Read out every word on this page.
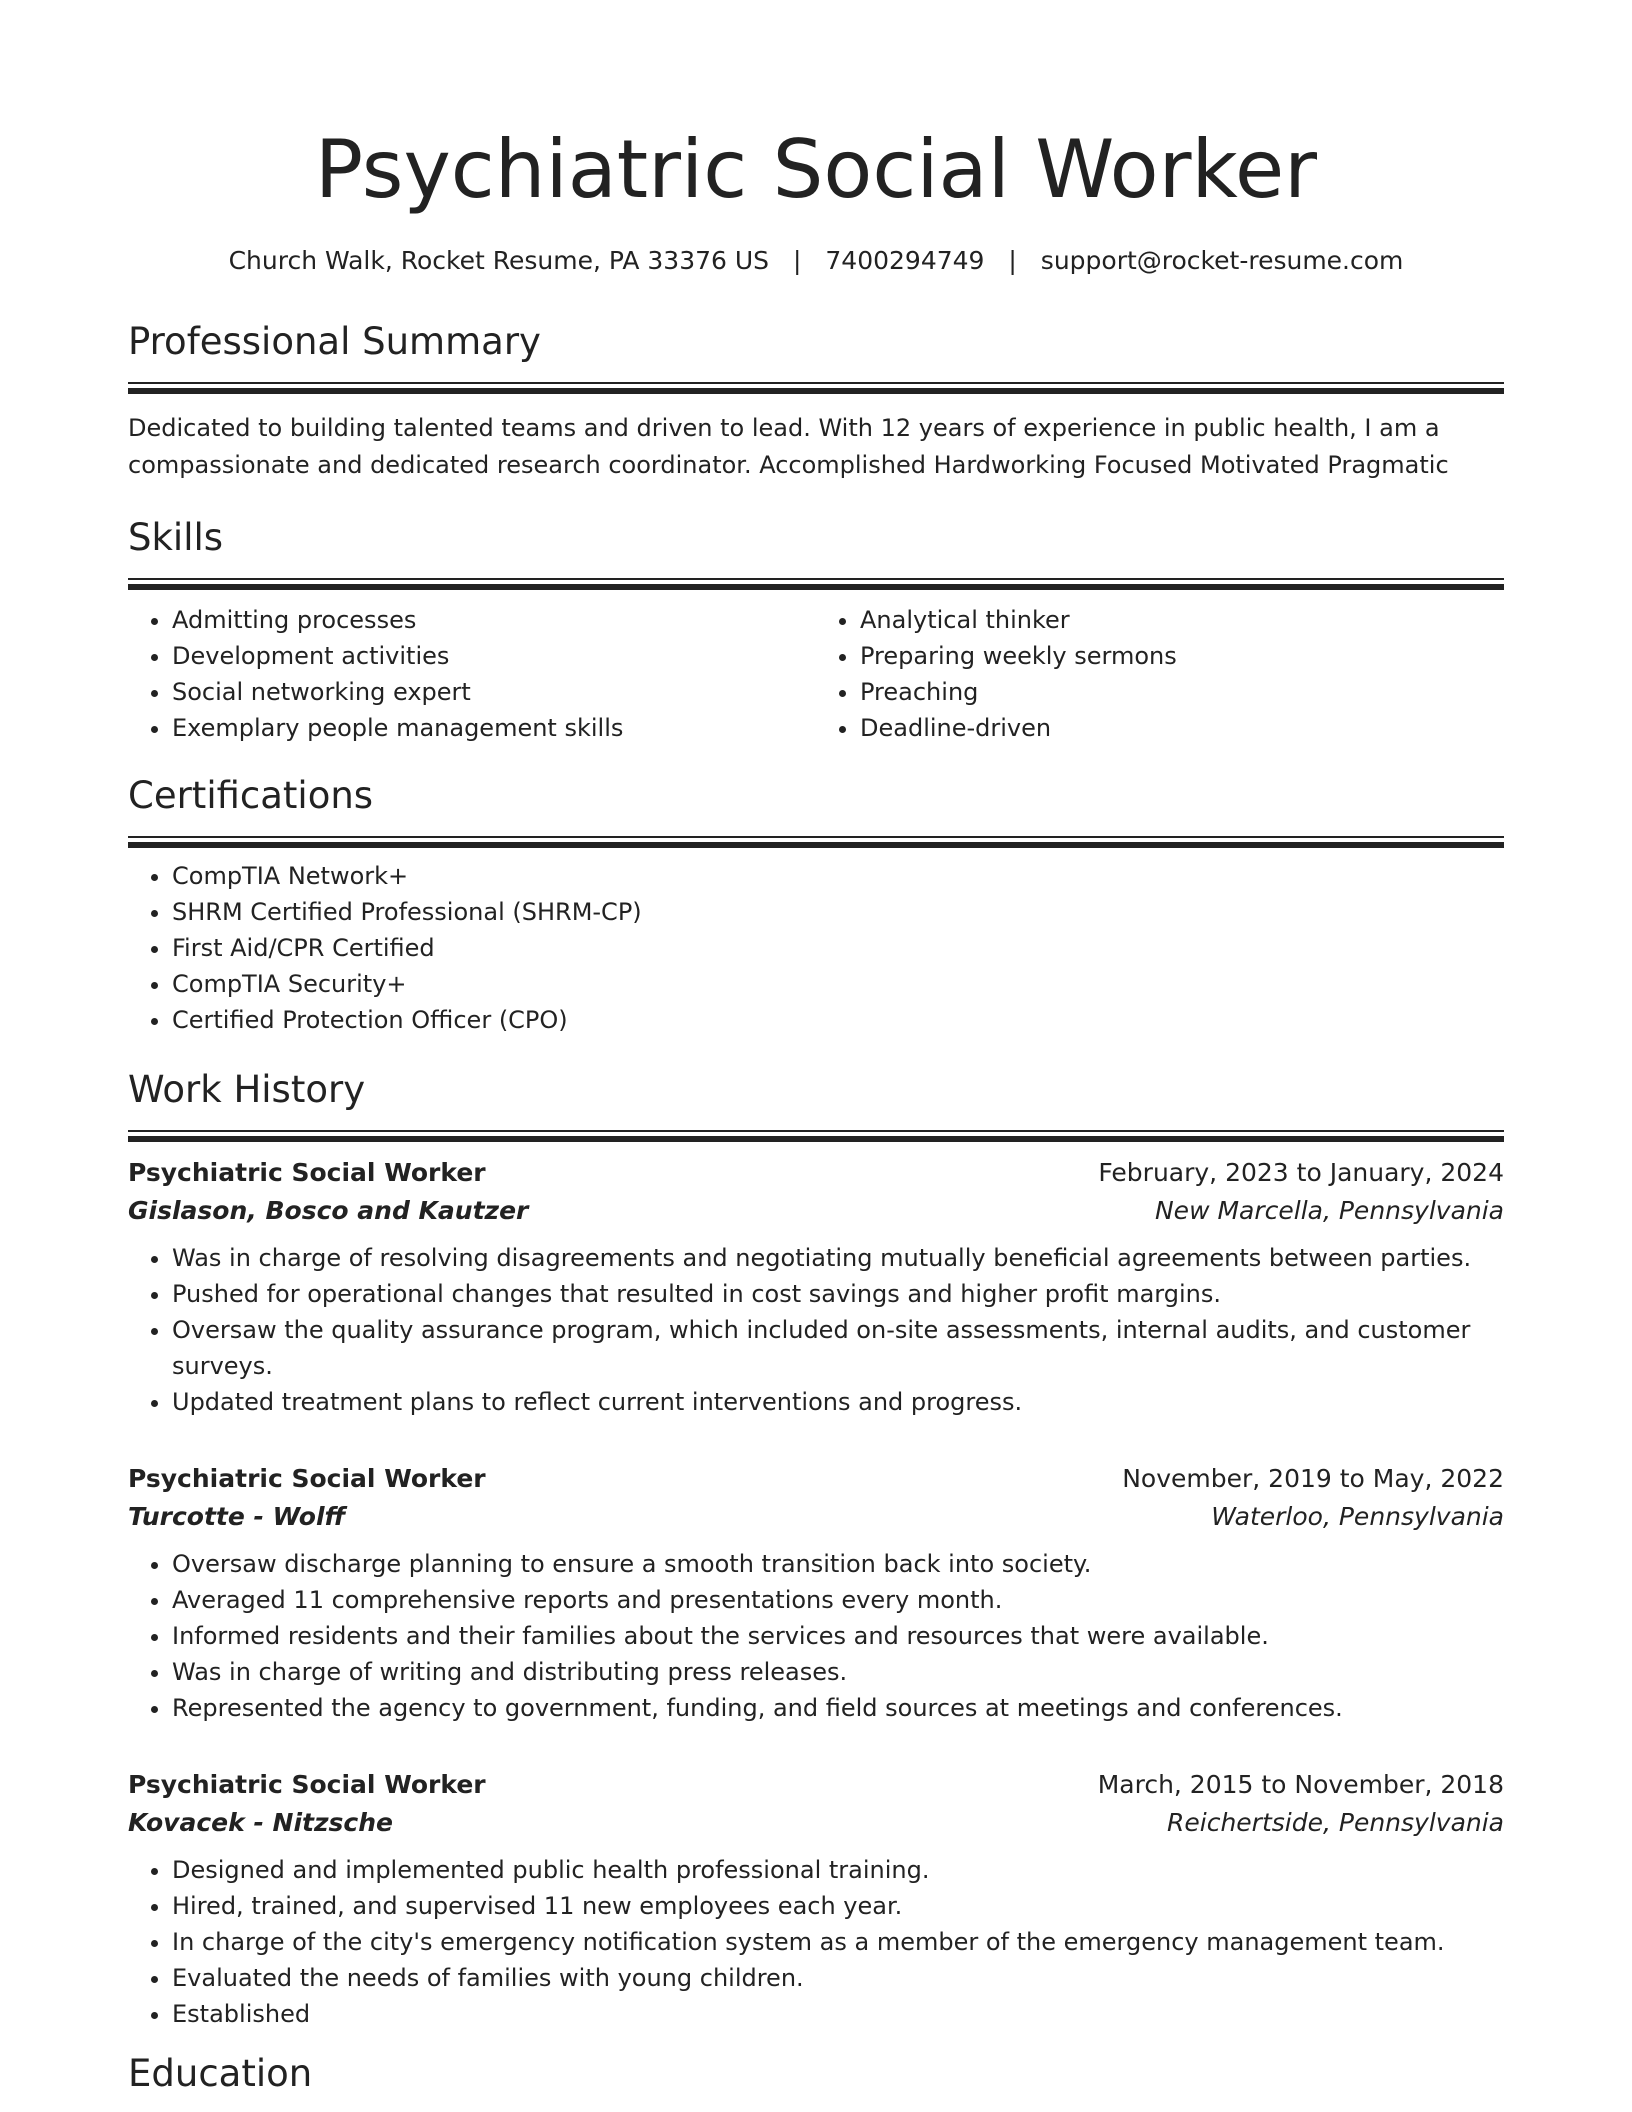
Psychiatric Social Worker
Church Walk, Rocket Resume, PA 33376 US | 7400294749 | support@rocket-resume.com
Professional Summary
Dedicated to building talented teams and driven to lead. With 12 years of experience in public health, I am a compassionate and dedicated research coordinator. Accomplished Hardworking Focused Motivated Pragmatic
Skills
• Admitting processes
• Development activities
• Social networking expert
• Exemplary people management skills
• Analytical thinker
• Preparing weekly sermons
• Preaching
• Deadline-driven
Certifications
• CompTIA Network+
• SHRM Certified Professional (SHRM-CP)
• First Aid/CPR Certified
• CompTIA Security+
• Certified Protection Officer (CPO)
Work History
Psychiatric Social Worker	February, 2023 to January, 2024
Gislason, Bosco and Kautzer	New Marcella, Pennsylvania
• Was in charge of resolving disagreements and negotiating mutually beneficial agreements between parties.
• Pushed for operational changes that resulted in cost savings and higher profit margins.
• Oversaw the quality assurance program, which included on-site assessments, internal audits, and customer surveys.
• Updated treatment plans to reflect current interventions and progress.
Psychiatric Social Worker	November, 2019 to May, 2022
Turcotte - Wolff	Waterloo, Pennsylvania
• Oversaw discharge planning to ensure a smooth transition back into society.
• Averaged 11 comprehensive reports and presentations every month.
• Informed residents and their families about the services and resources that were available.
• Was in charge of writing and distributing press releases.
• Represented the agency to government, funding, and field sources at meetings and conferences.
Psychiatric Social Worker	March, 2015 to November, 2018
Kovacek - Nitzsche	Reichertside, Pennsylvania
• Designed and implemented public health professional training.
• Hired, trained, and supervised 11 new employees each year.
• In charge of the city's emergency notification system as a member of the emergency management team.
• Evaluated the needs of families with young children.
• Established
Education
